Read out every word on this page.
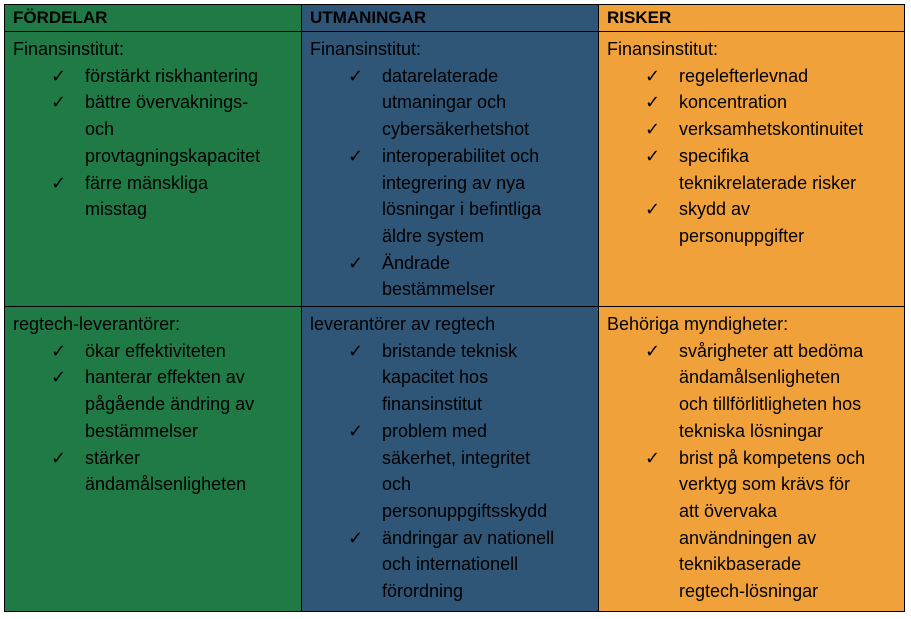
FÖRDELAR	UTMANINGAR	RISKER

Finansinstitut:

✓ förstärkt riskhantering
✓ bättre övervaknings-
och
provtagningskapacitet
✓ färre mänskliga
misstag

Finansinstitut:

✓ datarelaterade
utmaningar och
cybersäkerhetshot
✓ interoperabilitet och
integrering av nya
lösningar i befintliga
äldre system
✓ Ändrade
bestämmelser

Finansinstitut:

✓ regelefterlevnad
✓ koncentration
✓ verksamhetskontinuitet
✓ specifika
teknikrelaterade risker
✓ skydd av
personuppgifter

regtech-leverantörer:

✓ ökar effektiviteten
✓ hanterar effekten av
pågående ändring av
bestämmelser
✓ stärker
ändamålsenligheten

leverantörer av regtech

✓ bristande teknisk
kapacitet hos
finansinstitut
✓ problem med
säkerhet, integritet
och
personuppgiftsskydd
✓ ändringar av nationell
och internationell
förordning

Behöriga myndigheter:

✓ svårigheter att bedöma
ändamålsenligheten
och tillförlitligheten hos
tekniska lösningar
✓ brist på kompetens och
verktyg som krävs för
att övervaka
användningen av
teknikbaserade
regtech-lösningar
